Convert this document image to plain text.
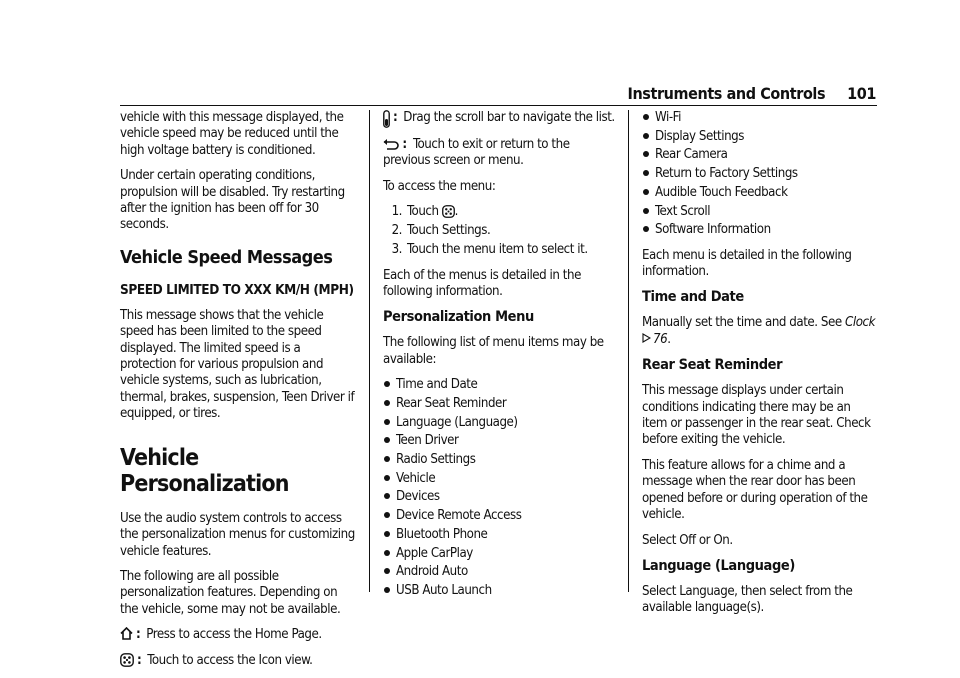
Instruments and Controls 101

vehicle with this message displayed, the vehicle speed may be reduced until the high voltage battery is conditioned.

Under certain operating conditions, propulsion will be disabled. Try restarting after the ignition has been off for 30 seconds.

Vehicle Speed Messages
SPEED LIMITED TO XXX KM/H (MPH)

This message shows that the vehicle speed has been limited to the speed displayed. The limited speed is a protection for various propulsion and vehicle systems, such as lubrication, thermal, brakes, suspension, Teen Driver if equipped, or tires.

Vehicle Personalization

Use the audio system controls to access the personalization menus for customizing vehicle features.

The following are all possible personalization features. Depending on the vehicle, some may not be available.

: Press to access the Home Page.

: Touch to access the Icon view.

: Drag the scroll bar to navigate the list.

: Touch to exit or return to the previous screen or menu.

To access the menu:

1. Touch .
2. Touch Settings.
3. Touch the menu item to select it.

Each of the menus is detailed in the following information.

Personalization Menu

The following list of menu items may be available:

Time and Date
Rear Seat Reminder
Language (Language)
Teen Driver
Radio Settings
Vehicle
Devices
Device Remote Access
Bluetooth Phone
Apple CarPlay
Android Auto
USB Auto Launch
Wi-Fi
Display Settings
Rear Camera
Return to Factory Settings
Audible Touch Feedback
Text Scroll
Software Information

Each menu is detailed in the following information.

Time and Date

Manually set the time and date. See Clock

76 .

Rear Seat Reminder

This message displays under certain conditions indicating there may be an item or passenger in the rear seat. Check before exiting the vehicle.

This feature allows for a chime and a message when the rear door has been opened before or during operation of the vehicle.

Select Off or On.

Language (Language)

Select Language, then select from the available language(s).
